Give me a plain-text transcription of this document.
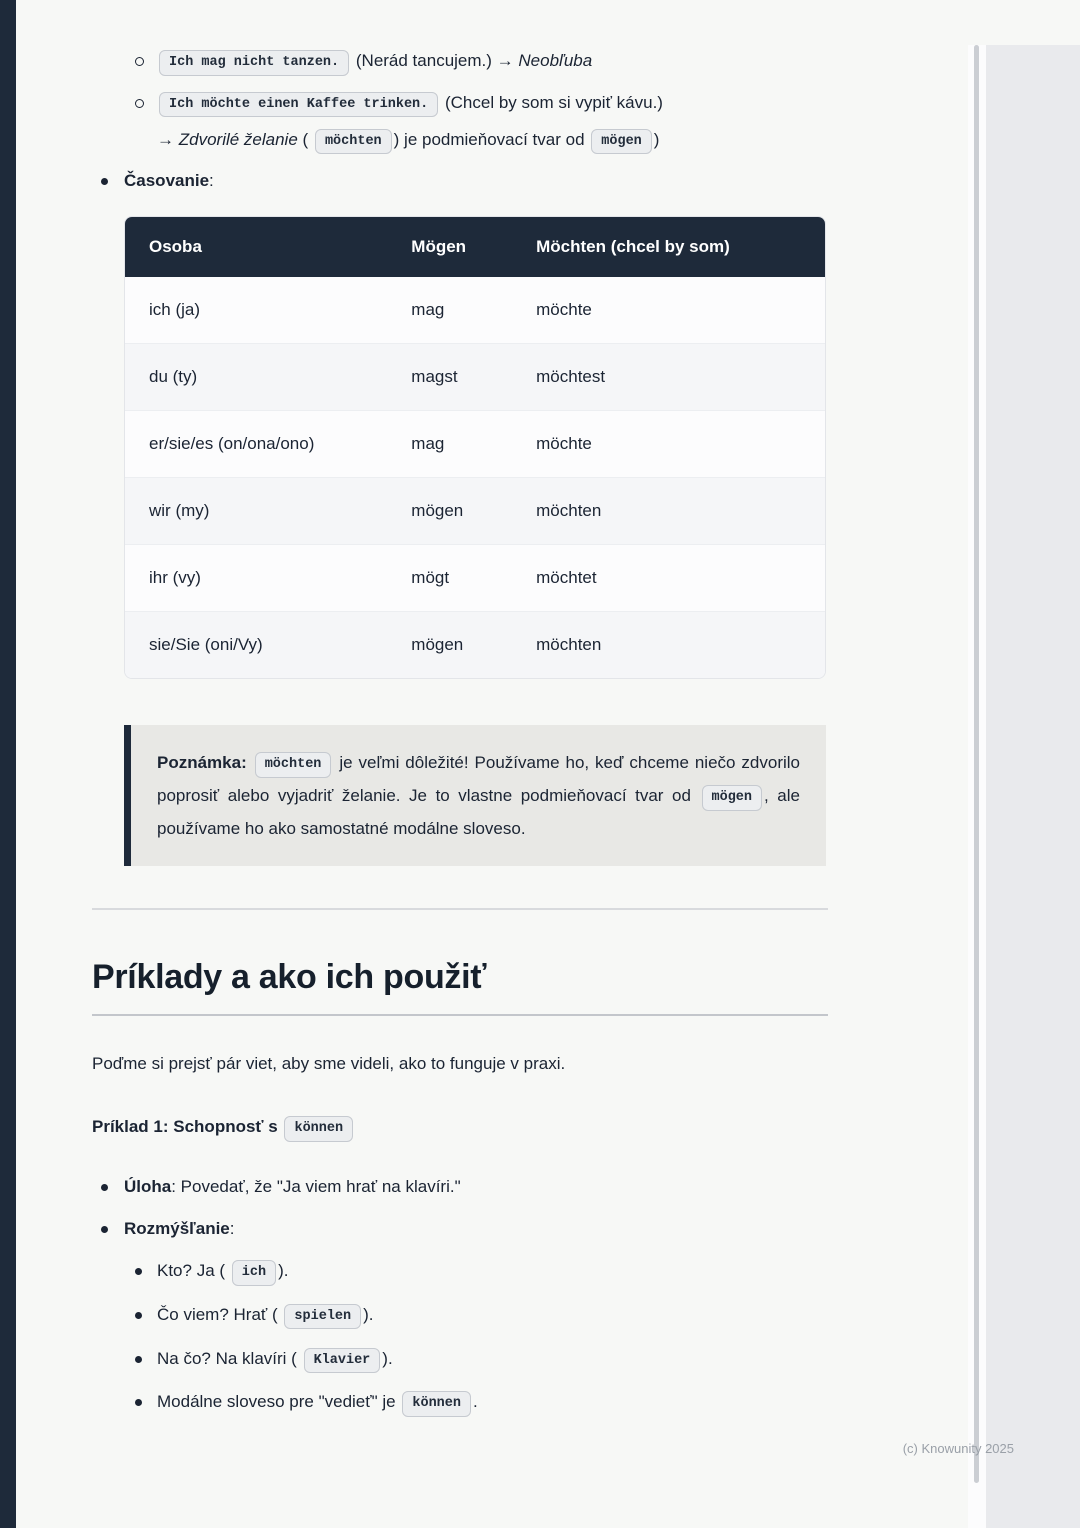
(c) Knowunity 2025
Ich mag nicht tanzen. (Nerád tancujem.) → Neobľuba
Ich möchte einen Kaffee trinken. (Chcel by som si vypiť kávu.)
→ Zdvorilé želanie ( möchten ) je podmieňovací tvar od mögen )
Časovanie:
Osoba	Mögen	Möchten (chcel by som)
ich (ja)	mag	möchte
du (ty)	magst	möchtest
er/sie/es (on/ona/ono)	mag	möchte
wir (my)	mögen	möchten
ihr (vy)	mögt	möchtet
sie/Sie (oni/Vy)	mögen	möchten
Poznámka: möchten je veľmi dôležité! Používame ho, keď chceme niečo zdvorilo poprosiť alebo vyjadriť želanie. Je to vlastne podmieňovací tvar od mögen , ale používame ho ako samostatné modálne sloveso.
Príklady a ako ich použiť

Poďme si prejsť pár viet, aby sme videli, ako to funguje v praxi.

Príklad 1: Schopnosť s können

Úloha: Povedať, že "Ja viem hrať na klavíri."
Rozmýšľanie:
Kto? Ja ( ich ).
Čo viem? Hrať ( spielen ).
Na čo? Na klavíri ( Klavier ).
Modálne sloveso pre "vedieť" je können .
